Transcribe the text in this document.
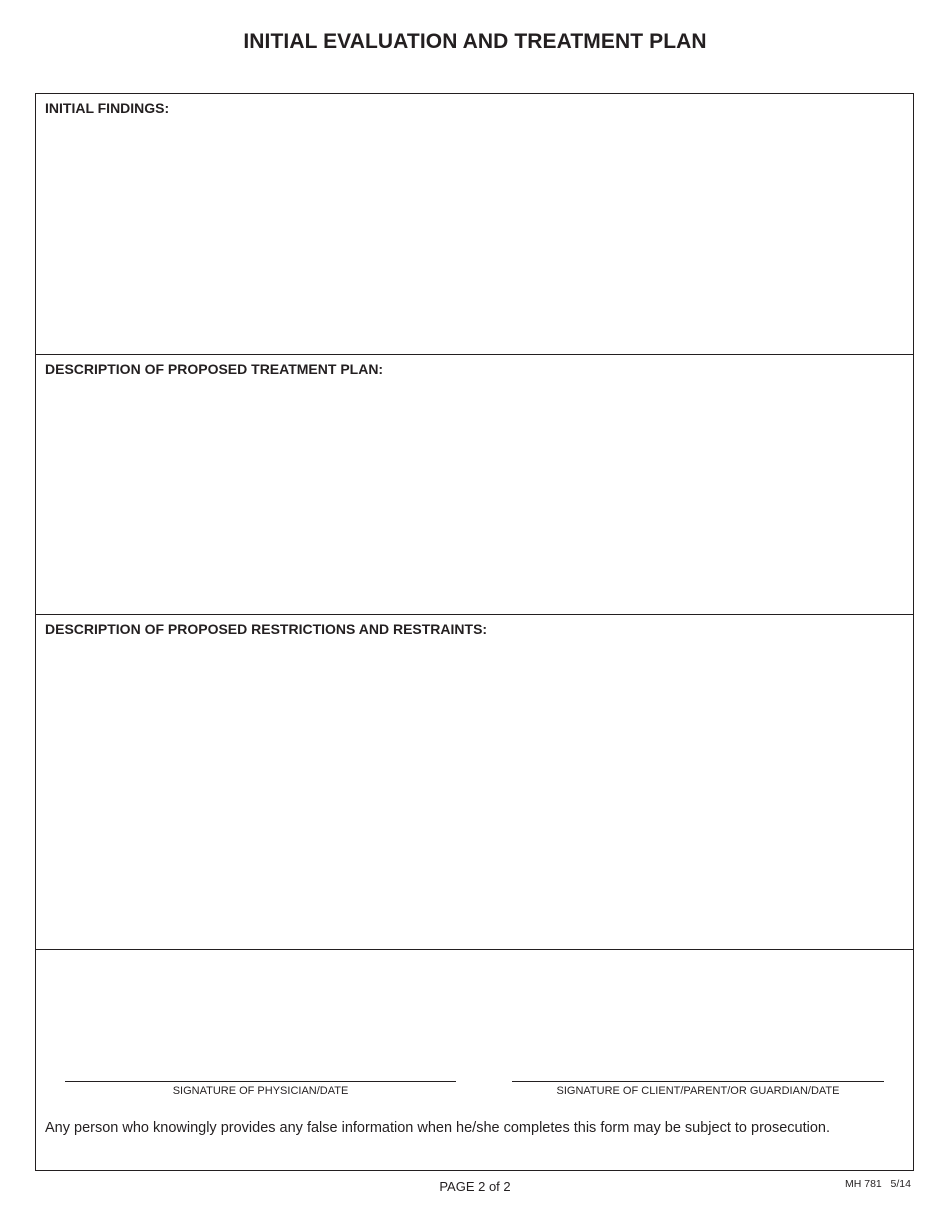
INITIAL EVALUATION AND TREATMENT PLAN
INITIAL FINDINGS:
DESCRIPTION OF PROPOSED TREATMENT PLAN:
DESCRIPTION OF PROPOSED RESTRICTIONS AND RESTRAINTS:
SIGNATURE OF PHYSICIAN/DATE	SIGNATURE OF CLIENT/PARENT/OR GUARDIAN/DATE
Any person who knowingly provides any false information when he/she completes this form may be subject to prosecution.
PAGE 2 of 2	MH 781   5/14
